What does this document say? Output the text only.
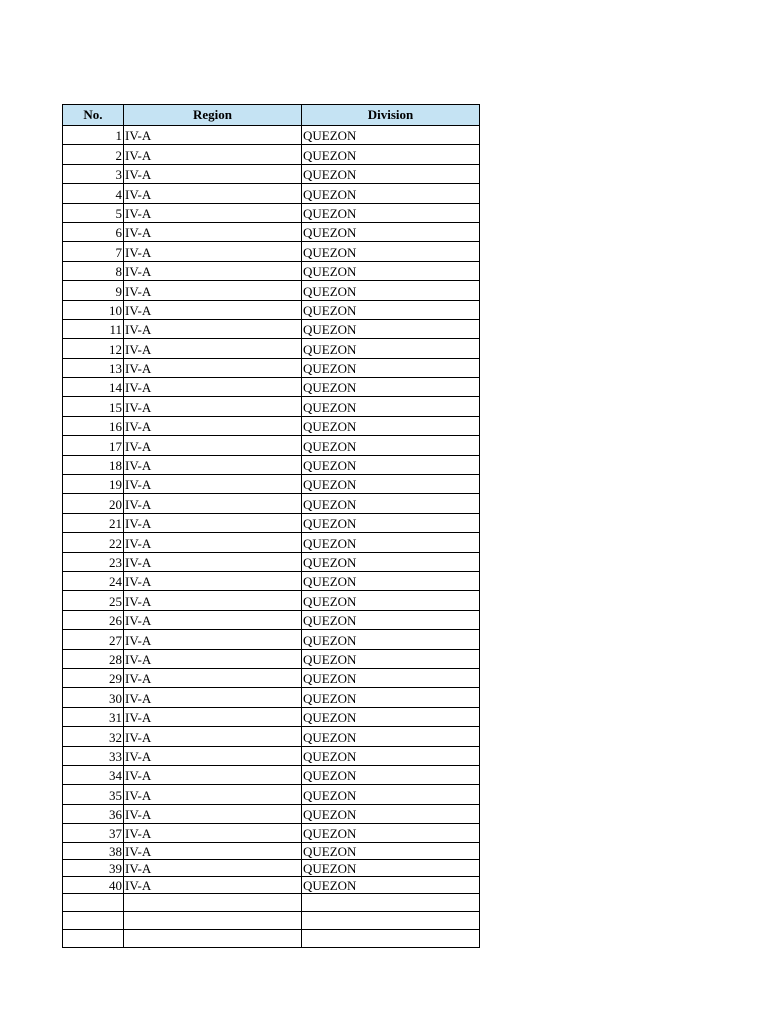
No.	Region	Division
1	IV-A	QUEZON
2	IV-A	QUEZON
3	IV-A	QUEZON
4	IV-A	QUEZON
5	IV-A	QUEZON
6	IV-A	QUEZON
7	IV-A	QUEZON
8	IV-A	QUEZON
9	IV-A	QUEZON
10	IV-A	QUEZON
11	IV-A	QUEZON
12	IV-A	QUEZON
13	IV-A	QUEZON
14	IV-A	QUEZON
15	IV-A	QUEZON
16	IV-A	QUEZON
17	IV-A	QUEZON
18	IV-A	QUEZON
19	IV-A	QUEZON
20	IV-A	QUEZON
21	IV-A	QUEZON
22	IV-A	QUEZON
23	IV-A	QUEZON
24	IV-A	QUEZON
25	IV-A	QUEZON
26	IV-A	QUEZON
27	IV-A	QUEZON
28	IV-A	QUEZON
29	IV-A	QUEZON
30	IV-A	QUEZON
31	IV-A	QUEZON
32	IV-A	QUEZON
33	IV-A	QUEZON
34	IV-A	QUEZON
35	IV-A	QUEZON
36	IV-A	QUEZON
37	IV-A	QUEZON
38	IV-A	QUEZON
39	IV-A	QUEZON
40	IV-A	QUEZON
